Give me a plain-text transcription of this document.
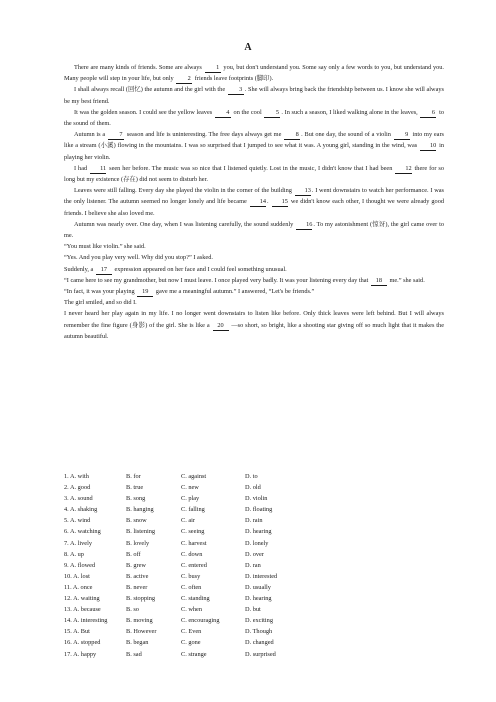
A

There are many kinds of friends. Some are always 1 you, but don't understand you. Some say only a few words to you, but understand you. Many people will step in your life, but only 2 friends leave footprints (脚印).

I shall always recall (回忆) the autumn and the girl with the 3 . She will always bring back the friendship between us. I know she will always be my best friend.

It was the golden season. I could see the yellow leaves 4 on the cool 5 . In such a season, I liked walking alone in the leaves, 6 to the sound of them.

Autumn is a 7 season and life is uninteresting. The free days always get me 8 . But one day, the sound of a violin 9 into my ears like a stream (小溪) flowing in the mountains. I was so surprised that I jumped to see what it was. A young girl, standing in the wind, was 10 in playing her violin.

I had 11 seen her before. The music was so nice that I listened quietly. Lost in the music, I didn't know that I had been 12 there for so long but my existence (存在) did not seem to disturb her.

Leaves were still falling. Every day she played the violin in the corner of the building 13. I went downstairs to watch her performance. I was the only listener. The autumn seemed no longer lonely and life became 14. 15 we didn't know each other, I thought we were already good friends. I believe she also loved me.

Autumn was nearly over. One day, when I was listening carefully, the sound suddenly 16. To my astonishment (惊讶), the girl came over to me.

“You must like violin.” she said.

“Yes. And you play very well. Why did you stop?” I asked.

Suddenly, a 17 expression appeared on her face and I could feel something unusual.

“I came here to see my grandmother, but now I must leave. I once played very badly. It was your listening every day that 18 me.” she said.

“In fact, it was your playing 19 gave me a meaningful autumn.” I answered, “Let's be friends.”

The girl smiled, and so did I.

I never heard her play again in my life. I no longer went downstairs to listen like before. Only thick leaves were left behind. But I will always remember the fine figure (身影) of the girl. She is like a 20 —so short, so bright, like a shooting star giving off so much light that it makes the autumn beautiful.

1. A. with	B. for	C. against	D. to
2. A. good	B. true	C. new	D. old
3. A. sound	B. song	C. play	D. violin
4. A. shaking	B. hanging	C. falling	D. floating
5. A. wind	B. snow	C. air	D. rain
6. A. watching	B. listening	C. seeing	D. hearing
7. A. lively	B. lovely	C. harvest	D. lonely
8. A. up	B. off	C. down	D. over
9. A. flowed	B. grew	C. entered	D. ran
10. A. lost	B. active	C. busy	D. interested
11. A. once	B. never	C. often	D. usually
12. A. waiting	B. stopping	C. standing	D. hearing
13. A. because	B. so	C. when	D. but
14. A. interesting	B. moving	C. encouraging	D. exciting
15. A. But	B. However	C. Even	D. Though
16. A. stopped	B. began	C. gone	D. changed
17. A. happy	B. sad	C. strange	D. surprised
